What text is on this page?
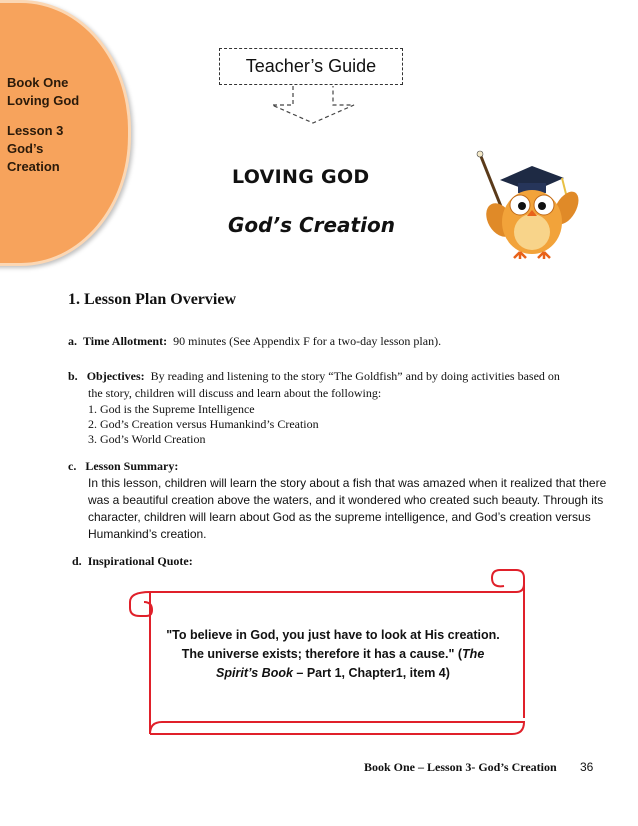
Book One
Loving God
Lesson 3
God’s
Creation
Teacher’s Guide
LOVING GOD
God’s Creation
1. Lesson Plan Overview
a. Time Allotment: 90 minutes (See Appendix F for a two-day lesson plan).
b. Objectives: By reading and listening to the story “The Goldfish” and by doing activities based on
the story, children will discuss and learn about the following:
1. God is the Supreme Intelligence
2. God’s Creation versus Humankind’s Creation
3. God’s World Creation
c. Lesson Summary:
In this lesson, children will learn the story about a fish that was amazed when it realized that there
was a beautiful creation above the waters, and it wondered who created such beauty. Through its
character, children will learn about God as the supreme intelligence, and God’s creation versus
Humankind’s creation.
d. Inspirational Quote:
"To believe in God, you just have to look at His creation.
The universe exists; therefore it has a cause." (The
Spirit’s Book – Part 1, Chapter1, item 4)
Book One – Lesson 3- God’s Creation 36
